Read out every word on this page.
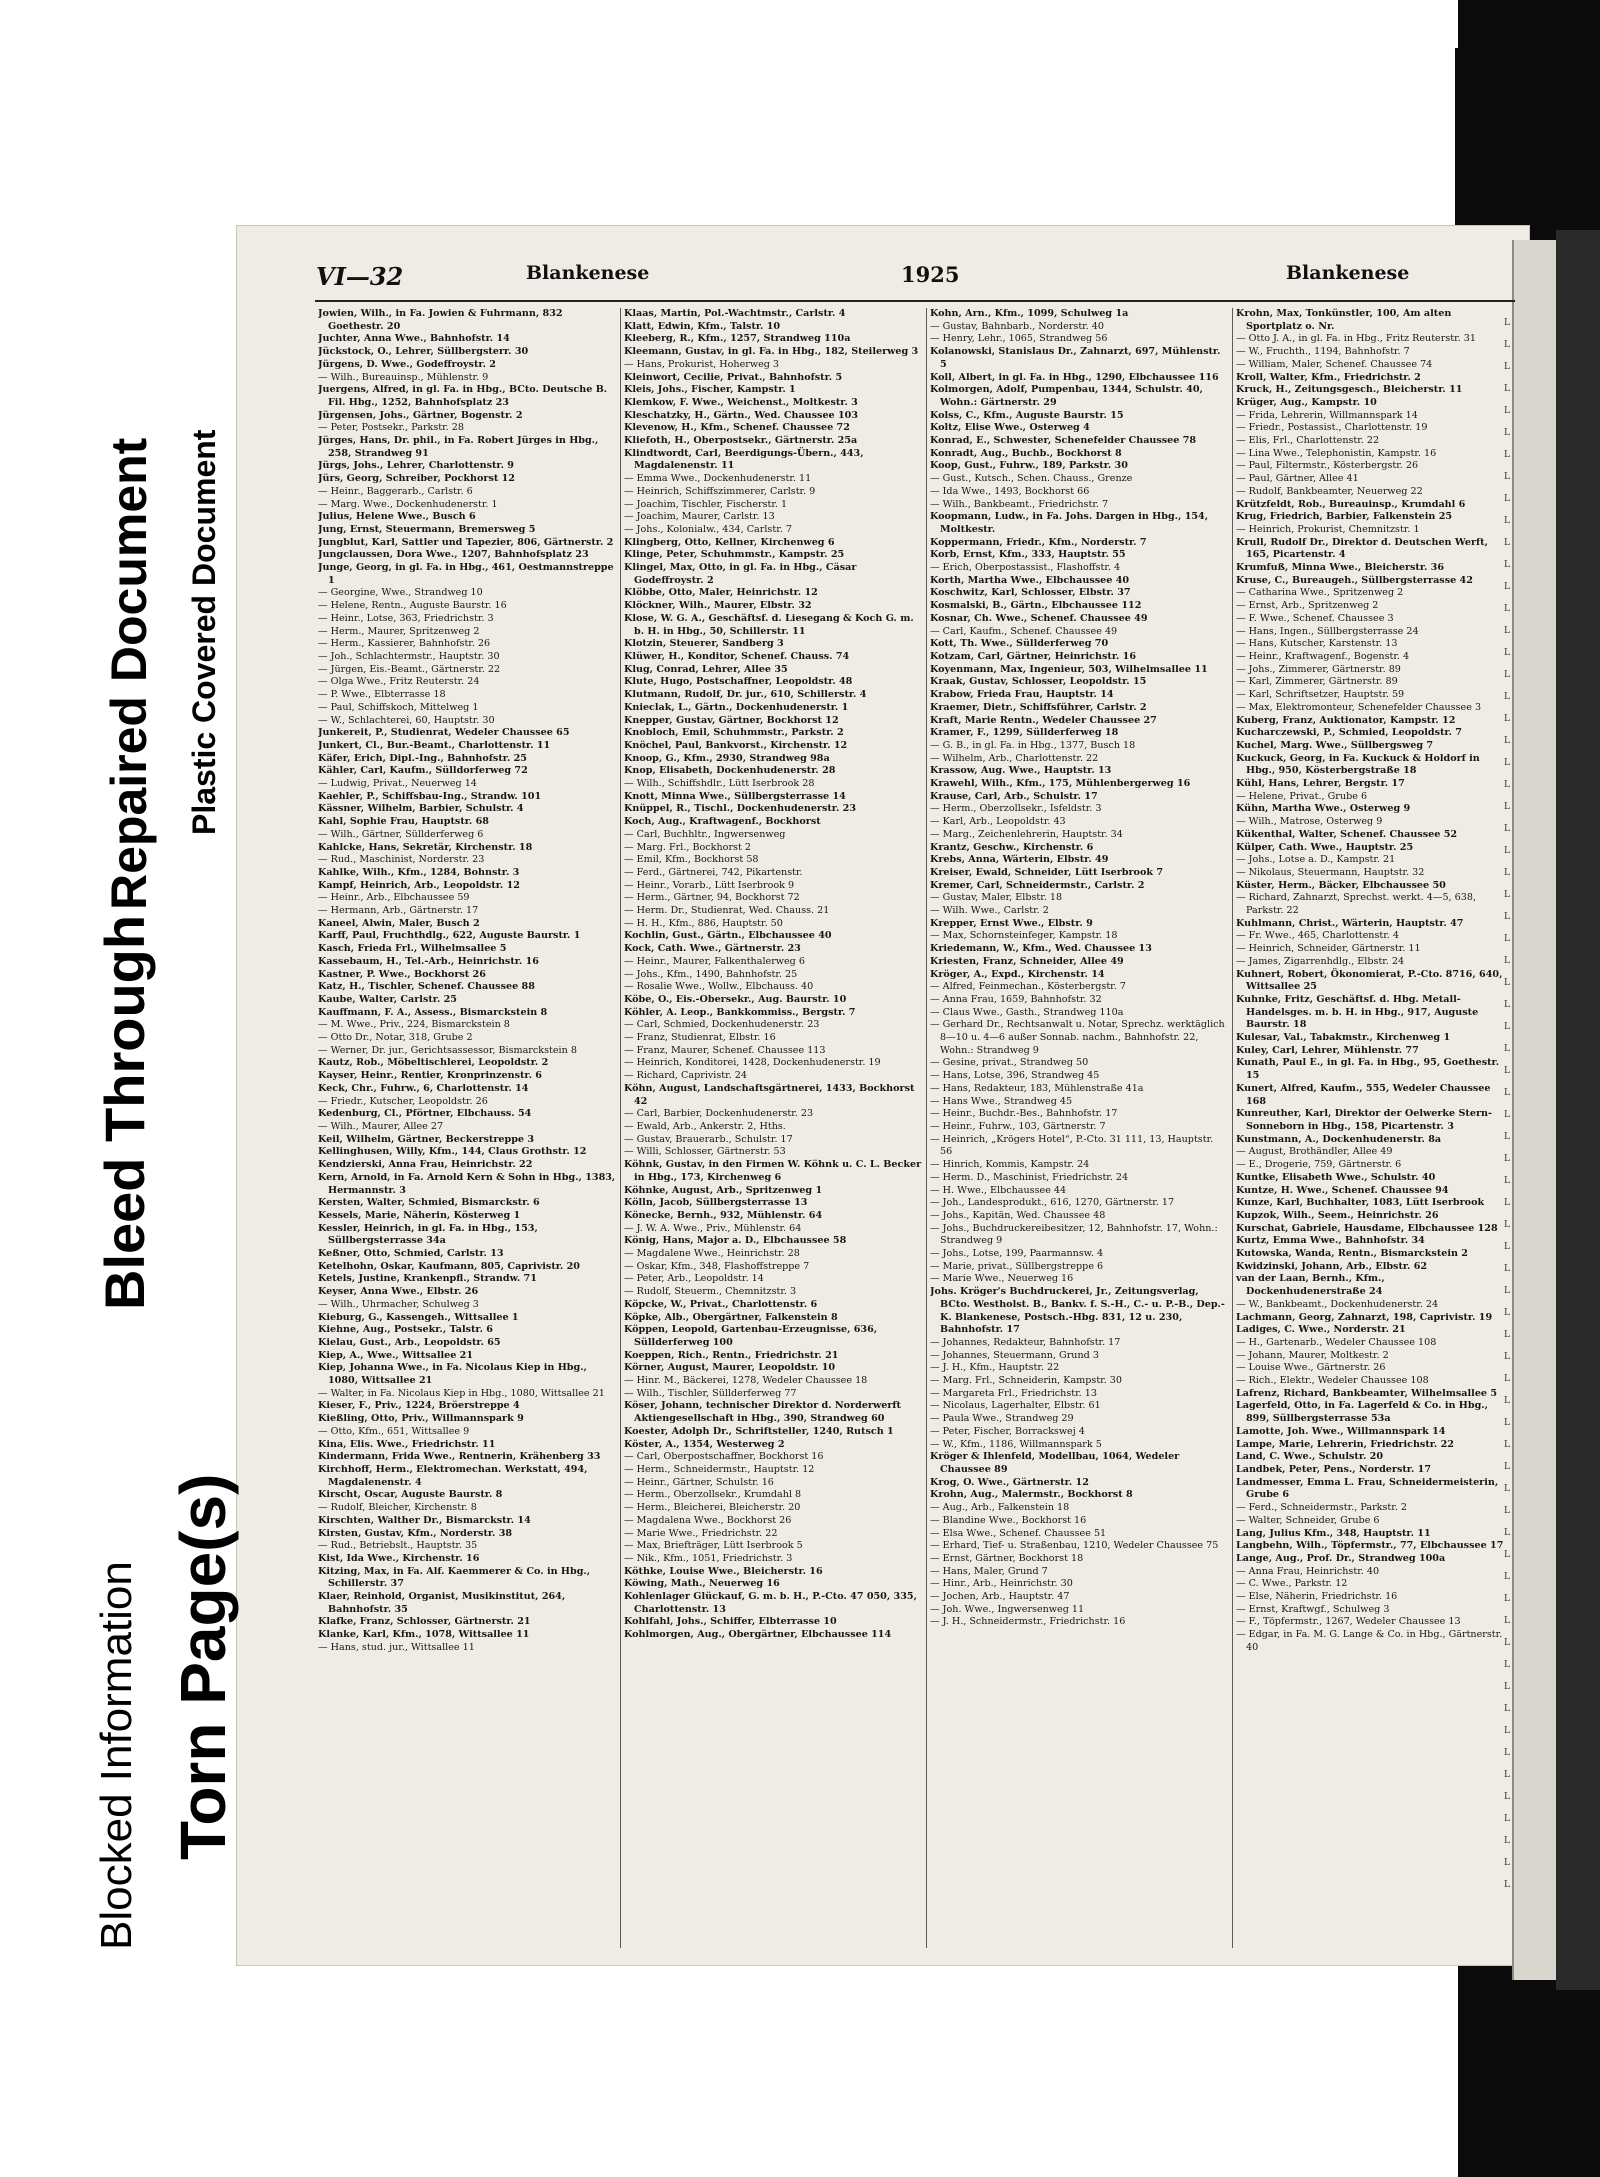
Blocked Information Torn Page(s)
Bleed Through
Repaired Document Plastic Covered Document
VI—32	Blankenese	1925	Blankenese

Jowien, Wilh., in Fa. Jowien & Fuhrmann, 832 Goethestr. 20

Juchter, Anna Wwe., Bahnhofstr. 14

Jückstock, O., Lehrer, Süllbergsterr. 30

Jürgens, D. Wwe., Godeffroystr. 2

— Wilh., Bureauinsp., Mühlenstr. 9

Juergens, Alfred, in gl. Fa. in Hbg., BCto. Deutsche B. Fil. Hbg., 1252, Bahnhofsplatz 23

Jürgensen, Johs., Gärtner, Bogenstr. 2

— Peter, Postsekr., Parkstr. 28

Jürges, Hans, Dr. phil., in Fa. Robert Jürges in Hbg., 258, Strandweg 91

Jürgs, Johs., Lehrer, Charlottenstr. 9

Jürs, Georg, Schreiber, Pockhorst 12

— Heinr., Baggerarb., Carlstr. 6

— Marg. Wwe., Dockenhudenerstr. 1

Julius, Helene Wwe., Busch 6

Jung, Ernst, Steuermann, Bremersweg 5

Jungblut, Karl, Sattler und Tapezier, 806, Gärtnerstr. 2

Jungclaussen, Dora Wwe., 1207, Bahnhofsplatz 23

Junge, Georg, in gl. Fa. in Hbg., 461, Oestmannstreppe 1

— Georgine, Wwe., Strandweg 10

— Helene, Rentn., Auguste Baurstr. 16

— Heinr., Lotse, 363, Friedrichstr. 3

— Herm., Maurer, Spritzenweg 2

— Herm., Kassierer, Bahnhofstr. 26

— Joh., Schlachtermstr., Hauptstr. 30

— Jürgen, Eis.-Beamt., Gärtnerstr. 22

— Olga Wwe., Fritz Reuterstr. 24

— P. Wwe., Elbterrasse 18

— Paul, Schiffskoch, Mittelweg 1

— W., Schlachterei, 60, Hauptstr. 30

Junkereit, P., Studienrat, Wedeler Chaussee 65

Junkert, Cl., Bur.-Beamt., Charlottenstr. 11

Käfer, Erich, Dipl.-Ing., Bahnhofstr. 25

Kähler, Carl, Kaufm., Sülldorferweg 72

— Ludwig, Privat., Neuerweg 14

Kaehler, P., Schiffsbau-Ing., Strandw. 101

Kässner, Wilhelm, Barbier, Schulstr. 4

Kahl, Sophie Frau, Hauptstr. 68

— Wilh., Gärtner, Süllderferweg 6

Kahlcke, Hans, Sekretär, Kirchenstr. 18

— Rud., Maschinist, Norderstr. 23

Kahlke, Wilh., Kfm., 1284, Bohnstr. 3

Kampf, Heinrich, Arb., Leopoldstr. 12

— Heinr., Arb., Elbchaussee 59

— Hermann, Arb., Gärtnerstr. 17

Kaneel, Alwin, Maler, Busch 2

Karff, Paul, Fruchthdlg., 622, Auguste Baurstr. 1

Kasch, Frieda Frl., Wilhelmsallee 5

Kassebaum, H., Tel.-Arb., Heinrichstr. 16

Kastner, P. Wwe., Bockhorst 26

Katz, H., Tischler, Schenef. Chaussee 88

Kaube, Walter, Carlstr. 25

Kauffmann, F. A., Assess., Bismarckstein 8

— M. Wwe., Priv., 224, Bismarckstein 8

— Otto Dr., Notar, 318, Grube 2

— Werner, Dr. jur., Gerichtsassessor, Bismarckstein 8

Kautz, Rob., Möbeltischlerei, Leopoldstr. 2

Kayser, Heinr., Rentier, Kronprinzenstr. 6

Keck, Chr., Fuhrw., 6, Charlottenstr. 14

— Friedr., Kutscher, Leopoldstr. 26

Kedenburg, Cl., Pförtner, Elbchauss. 54

— Wilh., Maurer, Allee 27

Keil, Wilhelm, Gärtner, Beckerstreppe 3

Kellinghusen, Willy, Kfm., 144, Claus Grothstr. 12

Kendzierski, Anna Frau, Heinrichstr. 22

Kern, Arnold, in Fa. Arnold Kern & Sohn in Hbg., 1383, Hermannstr. 3

Kersten, Walter, Schmied, Bismarckstr. 6

Kessels, Marie, Näherin, Kösterweg 1

Kessler, Heinrich, in gl. Fa. in Hbg., 153, Süllbergsterrasse 34a

Keßner, Otto, Schmied, Carlstr. 13

Ketelhohn, Oskar, Kaufmann, 805, Caprivistr. 20

Ketels, Justine, Krankenpfl., Strandw. 71

Keyser, Anna Wwe., Elbstr. 26

— Wilh., Uhrmacher, Schulweg 3

Kieburg, G., Kassengeh., Wittsallee 1

Kiehne, Aug., Postsekr., Talstr. 6

Kielau, Gust., Arb., Leopoldstr. 65

Kiep, A., Wwe., Wittsallee 21

Kiep, Johanna Wwe., in Fa. Nicolaus Kiep in Hbg., 1080, Wittsallee 21

— Walter, in Fa. Nicolaus Kiep in Hbg., 1080, Wittsallee 21

Kieser, F., Priv., 1224, Bröerstreppe 4

Kießling, Otto, Priv., Willmannspark 9

— Otto, Kfm., 651, Wittsallee 9

Kina, Elis. Wwe., Friedrichstr. 11

Kindermann, Frida Wwe., Rentnerin, Krähenberg 33

Kirchhoff, Herm., Elektromechan. Werkstatt, 494, Magdalenenstr. 4

Kirscht, Oscar, Auguste Baurstr. 8

— Rudolf, Bleicher, Kirchenstr. 8

Kirschten, Walther Dr., Bismarckstr. 14

Kirsten, Gustav, Kfm., Norderstr. 38

— Rud., Betriebslt., Hauptstr. 35

Kist, Ida Wwe., Kirchenstr. 16

Kitzing, Max, in Fa. Alf. Kaemmerer & Co. in Hbg., Schillerstr. 37

Klaer, Reinhold, Organist, Musikinstitut, 264, Bahnhofstr. 35

Klafke, Franz, Schlosser, Gärtnerstr. 21

Klanke, Karl, Kfm., 1078, Wittsallee 11

— Hans, stud. jur., Wittsallee 11

Klaas, Martin, Pol.-Wachtmstr., Carlstr. 4

Klatt, Edwin, Kfm., Talstr. 10

Kleeberg, R., Kfm., 1257, Strandweg 110a

Kleemann, Gustav, in gl. Fa. in Hbg., 182, Steilerweg 3

— Hans, Prokurist, Hoherweg 3

Kleinwort, Cecilie, Privat., Bahnhofstr. 5

Kleis, Johs., Fischer, Kampstr. 1

Klemkow, F. Wwe., Weichenst., Moltkestr. 3

Kleschatzky, H., Gärtn., Wed. Chaussee 103

Klevenow, H., Kfm., Schenef. Chaussee 72

Kliefoth, H., Oberpostsekr., Gärtnerstr. 25a

Klindtwordt, Carl, Beerdigungs-Übern., 443, Magdalenenstr. 11

— Emma Wwe., Dockenhudenerstr. 11

— Heinrich, Schiffszimmerer, Carlstr. 9

— Joachim, Tischler, Fischerstr. 1

— Joachim, Maurer, Carlstr. 13

— Johs., Kolonialw., 434, Carlstr. 7

Klingberg, Otto, Kellner, Kirchenweg 6

Klinge, Peter, Schuhmmstr., Kampstr. 25

Klingel, Max, Otto, in gl. Fa. in Hbg., Cäsar Godeffroystr. 2

Klöbbe, Otto, Maler, Heinrichstr. 12

Klöckner, Wilh., Maurer, Elbstr. 32

Klose, W. G. A., Geschäftsf. d. Liesegang & Koch G. m. b. H. in Hbg., 50, Schillerstr. 11

Klotzin, Steuerer, Sandberg 3

Klüwer, H., Konditor, Schenef. Chauss. 74

Klug, Conrad, Lehrer, Allee 35

Klute, Hugo, Postschaffner, Leopoldstr. 48

Klutmann, Rudolf, Dr. jur., 610, Schillerstr. 4

Knieclak, L., Gärtn., Dockenhudenerstr. 1

Knepper, Gustav, Gärtner, Bockhorst 12

Knobloch, Emil, Schuhmmstr., Parkstr. 2

Knöchel, Paul, Bankvorst., Kirchenstr. 12

Knoop, G., Kfm., 2930, Strandweg 98a

Knop, Elisabeth, Dockenhudenerstr. 28

— Wilh., Schiffshdlr., Lütt Iserbrook 28

Knott, Minna Wwe., Süllbergsterrasse 14

Knüppel, R., Tischl., Dockenhudenerstr. 23

Koch, Aug., Kraftwagenf., Bockhorst

— Carl, Buchhltr., Ingwersenweg

— Marg. Frl., Bockhorst 2

— Emil, Kfm., Bockhorst 58

— Ferd., Gärtnerei, 742, Pikartenstr.

— Heinr., Vorarb., Lütt Iserbrook 9

— Herm., Gärtner, 94, Bockhorst 72

— Herm. Dr., Studienrat, Wed. Chauss. 21

— H. H., Kfm., 886, Hauptstr. 50

Kochlin, Gust., Gärtn., Elbchaussee 40

Kock, Cath. Wwe., Gärtnerstr. 23

— Heinr., Maurer, Falkenthalerweg 6

— Johs., Kfm., 1490, Bahnhofstr. 25

— Rosalie Wwe., Wollw., Elbchauss. 40

Köbe, O., Eis.-Obersekr., Aug. Baurstr. 10

Köhler, A. Leop., Bankkommiss., Bergstr. 7

— Carl, Schmied, Dockenhudenerstr. 23

— Franz, Studienrat, Elbstr. 16

— Franz, Maurer, Schenef. Chaussee 113

— Heinrich, Konditorei, 1428, Dockenhudenerstr. 19

— Richard, Caprivistr. 24

Köhn, August, Landschaftsgärtnerei, 1433, Bockhorst 42

— Carl, Barbier, Dockenhudenerstr. 23

— Ewald, Arb., Ankerstr. 2, Hths.

— Gustav, Brauerarb., Schulstr. 17

— Willi, Schlosser, Gärtnerstr. 53

Köhnk, Gustav, in den Firmen W. Köhnk u. C. L. Becker in Hbg., 173, Kirchenweg 6

Köhnke, August, Arb., Spritzenweg 1

Kölln, Jacob, Süllbergsterrasse 13

Könecke, Bernh., 932, Mühlenstr. 64

— J. W. A. Wwe., Priv., Mühlenstr. 64

König, Hans, Major a. D., Elbchaussee 58

— Magdalene Wwe., Heinrichstr. 28

— Oskar, Kfm., 348, Flashoffstreppe 7

— Peter, Arb., Leopoldstr. 14

— Rudolf, Steuerm., Chemnitzstr. 3

Köpcke, W., Privat., Charlottenstr. 6

Köpke, Alb., Obergärtner, Falkenstein 8

Köppen, Leopold, Gartenbau-Erzeugnisse, 636, Süllderferweg 100

Koeppen, Rich., Rentn., Friedrichstr. 21

Körner, August, Maurer, Leopoldstr. 10

— Hinr. M., Bäckerei, 1278, Wedeler Chaussee 18

— Wilh., Tischler, Süllderferweg 77

Köser, Johann, technischer Direktor d. Norderwerft Aktiengesellschaft in Hbg., 390, Strandweg 60

Koester, Adolph Dr., Schriftsteller, 1240, Rutsch 1

Köster, A., 1354, Westerweg 2

— Carl, Oberpostschaffner, Bockhorst 16

— Herm., Schneidermstr., Hauptstr. 12

— Heinr., Gärtner, Schulstr. 16

— Herm., Oberzollsekr., Krumdahl 8

— Herm., Bleicherei, Bleicherstr. 20

— Magdalena Wwe., Bockhorst 26

— Marie Wwe., Friedrichstr. 22

— Max, Briefträger, Lütt Iserbrook 5

— Nik., Kfm., 1051, Friedrichstr. 3

Köthke, Louise Wwe., Bleicherstr. 16

Köwing, Math., Neuerweg 16

Kohlenlager Glückauf, G. m. b. H., P.-Cto. 47 050, 335, Charlottenstr. 13

Kohlfahl, Johs., Schiffer, Elbterrasse 10

Kohlmorgen, Aug., Obergärtner, Elbchaussee 114

Kohn, Arn., Kfm., 1099, Schulweg 1a

— Gustav, Bahnbarb., Norderstr. 40

— Henry, Lehr., 1065, Strandweg 56

Kolanowski, Stanislaus Dr., Zahnarzt, 697, Mühlenstr. 5

Koll, Albert, in gl. Fa. in Hbg., 1290, Elbchaussee 116

Kolmorgen, Adolf, Pumpenbau, 1344, Schulstr. 40, Wohn.: Gärtnerstr. 29

Kolss, C., Kfm., Auguste Baurstr. 15

Koltz, Elise Wwe., Osterweg 4

Konrad, E., Schwester, Schenefelder Chaussee 78

Konradt, Aug., Buchb., Bockhorst 8

Koop, Gust., Fuhrw., 189, Parkstr. 30

— Gust., Kutsch., Schen. Chauss., Grenze

— Ida Wwe., 1493, Bockhorst 66

— Wilh., Bankbeamt., Friedrichstr. 7

Koopmann, Ludw., in Fa. Johs. Dargen in Hbg., 154, Moltkestr.

Koppermann, Friedr., Kfm., Norderstr. 7

Korb, Ernst, Kfm., 333, Hauptstr. 55

— Erich, Oberpostassist., Flashoffstr. 4

Korth, Martha Wwe., Elbchaussee 40

Koschwitz, Karl, Schlosser, Elbstr. 37

Kosmalski, B., Gärtn., Elbchaussee 112

Kosnar, Ch. Wwe., Schenef. Chaussee 49

— Carl, Kaufm., Schenef. Chaussee 49

Kott, Th. Wwe., Süllderferweg 70

Kotzam, Carl, Gärtner, Heinrichstr. 16

Koyenmann, Max, Ingenieur, 503, Wilhelmsallee 11

Kraak, Gustav, Schlosser, Leopoldstr. 15

Krabow, Frieda Frau, Hauptstr. 14

Kraemer, Dietr., Schiffsführer, Carlstr. 2

Kraft, Marie Rentn., Wedeler Chaussee 27

Kramer, F., 1299, Süllderferweg 18

— G. B., in gl. Fa. in Hbg., 1377, Busch 18

— Wilhelm, Arb., Charlottenstr. 22

Krassow, Aug. Wwe., Hauptstr. 13

Krawehl, Wilh., Kfm., 175, Mühlenbergerweg 16

Krause, Carl, Arb., Schulstr. 17

— Herm., Oberzollsekr., Isfeldstr. 3

— Karl, Arb., Leopoldstr. 43

— Marg., Zeichenlehrerin, Hauptstr. 34

Krantz, Geschw., Kirchenstr. 6

Krebs, Anna, Wärterin, Elbstr. 49

Kreiser, Ewald, Schneider, Lütt Iserbrook 7

Kremer, Carl, Schneidermstr., Carlstr. 2

— Gustav, Maler, Elbstr. 18

— Wilh. Wwe., Carlstr. 2

Krepper, Ernst Wwe., Elbstr. 9

— Max, Schornsteinfeger, Kampstr. 18

Kriedemann, W., Kfm., Wed. Chaussee 13

Kriesten, Franz, Schneider, Allee 49

Kröger, A., Expd., Kirchenstr. 14

— Alfred, Feinmechan., Kösterbergstr. 7

— Anna Frau, 1659, Bahnhofstr. 32

— Claus Wwe., Gasth., Strandweg 110a

— Gerhard Dr., Rechtsanwalt u. Notar, Sprechz. werktäglich 8—10 u. 4—6 außer Sonnab. nachm., Bahnhofstr. 22, Wohn.: Strandweg 9

— Gesine, privat., Strandweg 50

— Hans, Lotse, 396, Strandweg 45

— Hans, Redakteur, 183, Mühlenstraße 41a

— Hans Wwe., Strandweg 45

— Heinr., Buchdr.-Bes., Bahnhofstr. 17

— Heinr., Fuhrw., 103, Gärtnerstr. 7

— Heinrich, „Krögers Hotel“, P.-Cto. 31 111, 13, Hauptstr. 56

— Hinrich, Kommis, Kampstr. 24

— Herm. D., Maschinist, Friedrichstr. 24

— H. Wwe., Elbchaussee 44

— Joh., Landesprodukt., 616, 1270, Gärtnerstr. 17

— Johs., Kapitän, Wed. Chaussee 48

— Johs., Buchdruckereibesitzer, 12, Bahnhofstr. 17, Wohn.: Strandweg 9

— Johs., Lotse, 199, Paarmannsw. 4

— Marie, privat., Süllbergstreppe 6

— Marie Wwe., Neuerweg 16

Johs. Kröger's Buchdruckerei, Jr., Zeitungsverlag, BCto. Westholst. B., Bankv. f. S.-H., C.- u. P.-B., Dep.-K. Blankenese, Postsch.-Hbg. 831, 12 u. 230, Bahnhofstr. 17

— Johannes, Redakteur, Bahnhofstr. 17

— Johannes, Steuermann, Grund 3

— J. H., Kfm., Hauptstr. 22

— Marg. Frl., Schneiderin, Kampstr. 30

— Margareta Frl., Friedrichstr. 13

— Nicolaus, Lagerhalter, Elbstr. 61

— Paula Wwe., Strandweg 29

— Peter, Fischer, Borrackswej 4

— W., Kfm., 1186, Willmannspark 5

Kröger & Ihlenfeld, Modellbau, 1064, Wedeler Chaussee 89

Krog, O. Wwe., Gärtnerstr. 12

Krohn, Aug., Malermstr., Bockhorst 8

— Aug., Arb., Falkenstein 18

— Blandine Wwe., Bockhorst 16

— Elsa Wwe., Schenef. Chaussee 51

— Erhard, Tief- u. Straßenbau, 1210, Wedeler Chaussee 75

— Ernst, Gärtner, Bockhorst 18

— Hans, Maler, Grund 7

— Hinr., Arb., Heinrichstr. 30

— Jochen, Arb., Hauptstr. 47

— Joh. Wwe., Ingwersenweg 11

— J. H., Schneidermstr., Friedrichstr. 16

Krohn, Max, Tonkünstler, 100, Am alten Sportplatz o. Nr.

— Otto J. A., in gl. Fa. in Hbg., Fritz Reuterstr. 31

— W., Fruchth., 1194, Bahnhofstr. 7

— William, Maler, Schenef. Chaussee 74

Kroll, Walter, Kfm., Friedrichstr. 2

Kruck, H., Zeitungsgesch., Bleicherstr. 11

Krüger, Aug., Kampstr. 10

— Frida, Lehrerin, Willmannspark 14

— Friedr., Postassist., Charlottenstr. 19

— Elis, Frl., Charlottenstr. 22

— Lina Wwe., Telephonistin, Kampstr. 16

— Paul, Filtermstr., Kösterbergstr. 26

— Paul, Gärtner, Allee 41

— Rudolf, Bankbeamter, Neuerweg 22

Krützfeldt, Rob., Bureauinsp., Krumdahl 6

Krug, Friedrich, Barbier, Falkenstein 25

— Heinrich, Prokurist, Chemnitzstr. 1

Krull, Rudolf Dr., Direktor d. Deutschen Werft, 165, Picartenstr. 4

Krumfuß, Minna Wwe., Bleicherstr. 36

Kruse, C., Bureaugeh., Süllbergsterrasse 42

— Catharina Wwe., Spritzenweg 2

— Ernst, Arb., Spritzenweg 2

— F. Wwe., Schenef. Chaussee 3

— Hans, Ingen., Süllbergsterrasse 24

— Hans, Kutscher, Karstenstr. 13

— Heinr., Kraftwagenf., Bogenstr. 4

— Johs., Zimmerer, Gärtnerstr. 89

— Karl, Zimmerer, Gärtnerstr. 89

— Karl, Schriftsetzer, Hauptstr. 59

— Max, Elektromonteur, Schenefelder Chaussee 3

Kuberg, Franz, Auktionator, Kampstr. 12

Kucharczewski, P., Schmied, Leopoldstr. 7

Kuchel, Marg. Wwe., Süllbergsweg 7

Kuckuck, Georg, in Fa. Kuckuck & Holdorf in Hbg., 950, Kösterbergstraße 18

Kühl, Hans, Lehrer, Bergstr. 17

— Helene, Privat., Grube 6

Kühn, Martha Wwe., Osterweg 9

— Wilh., Matrose, Osterweg 9

Kükenthal, Walter, Schenef. Chaussee 52

Külper, Cath. Wwe., Hauptstr. 25

— Johs., Lotse a. D., Kampstr. 21

— Nikolaus, Steuermann, Hauptstr. 32

Küster, Herm., Bäcker, Elbchaussee 50

— Richard, Zahnarzt, Sprechst. werkt. 4—5, 638, Parkstr. 22

Kuhlmann, Christ., Wärterin, Hauptstr. 47

— Fr. Wwe., 465, Charlottenstr. 4

— Heinrich, Schneider, Gärtnerstr. 11

— James, Zigarrenhdlg., Elbstr. 24

Kuhnert, Robert, Ökonomierat, P.-Cto. 8716, 640, Wittsallee 25

Kuhnke, Fritz, Geschäftsf. d. Hbg. Metall-Handelsges. m. b. H. in Hbg., 917, Auguste Baurstr. 18

Kulesar, Val., Tabakmstr., Kirchenweg 1

Kuley, Carl, Lehrer, Mühlenstr. 77

Kunath, Paul E., in gl. Fa. in Hbg., 95, Goethestr. 15

Kunert, Alfred, Kaufm., 555, Wedeler Chaussee 168

Kunreuther, Karl, Direktor der Oelwerke Stern-Sonneborn in Hbg., 158, Picartenstr. 3

Kunstmann, A., Dockenhudenerstr. 8a

— August, Brothändler, Allee 49

— E., Drogerie, 759, Gärtnerstr. 6

Kuntke, Elisabeth Wwe., Schulstr. 40

Kuntze, H. Wwe., Schenef. Chaussee 94

Kunze, Karl, Buchhalter, 1083, Lütt Iserbrook

Kupzok, Wilh., Seem., Heinrichstr. 26

Kurschat, Gabriele, Hausdame, Elbchaussee 128

Kurtz, Emma Wwe., Bahnhofstr. 34

Kutowska, Wanda, Rentn., Bismarckstein 2

Kwidzinski, Johann, Arb., Elbstr. 62

van der Laan, Bernh., Kfm., Dockenhudenerstraße 24

— W., Bankbeamt., Dockenhudenerstr. 24

Lachmann, Georg, Zahnarzt, 198, Caprivistr. 19

Ladiges, C. Wwe., Norderstr. 21

— H., Gartenarb., Wedeler Chaussee 108

— Johann, Maurer, Moltkestr. 2

— Louise Wwe., Gärtnerstr. 26

— Rich., Elektr., Wedeler Chaussee 108

Lafrenz, Richard, Bankbeamter, Wilhelmsallee 5

Lagerfeld, Otto, in Fa. Lagerfeld & Co. in Hbg., 899, Süllbergsterrasse 53a

Lamotte, Joh. Wwe., Willmannspark 14

Lampe, Marie, Lehrerin, Friedrichstr. 22

Land, C. Wwe., Schulstr. 20

Landbek, Peter, Pens., Norderstr. 17

Landmesser, Emma L. Frau, Schneidermeisterin, Grube 6

— Ferd., Schneidermstr., Parkstr. 2

— Walter, Schneider, Grube 6

Lang, Julius Kfm., 348, Hauptstr. 11

Langbehn, Wilh., Töpfermstr., 77, Elbchaussee 17

Lange, Aug., Prof. Dr., Strandweg 100a

— Anna Frau, Heinrichstr. 40

— C. Wwe., Parkstr. 12

— Else, Näherin, Friedrichstr. 16

— Ernst, Kraftwgf., Schulweg 3

— F., Töpfermstr., 1267, Wedeler Chaussee 13

— Edgar, in Fa. M. G. Lange & Co. in Hbg., Gärtnerstr. 40

L L L L L L L L L L L L L L L L L L L L L L L L L L L L L L L L L L L L L L L L L L L L L L L L L L L L L L L L L L L L L L L L L L L L L L L L
